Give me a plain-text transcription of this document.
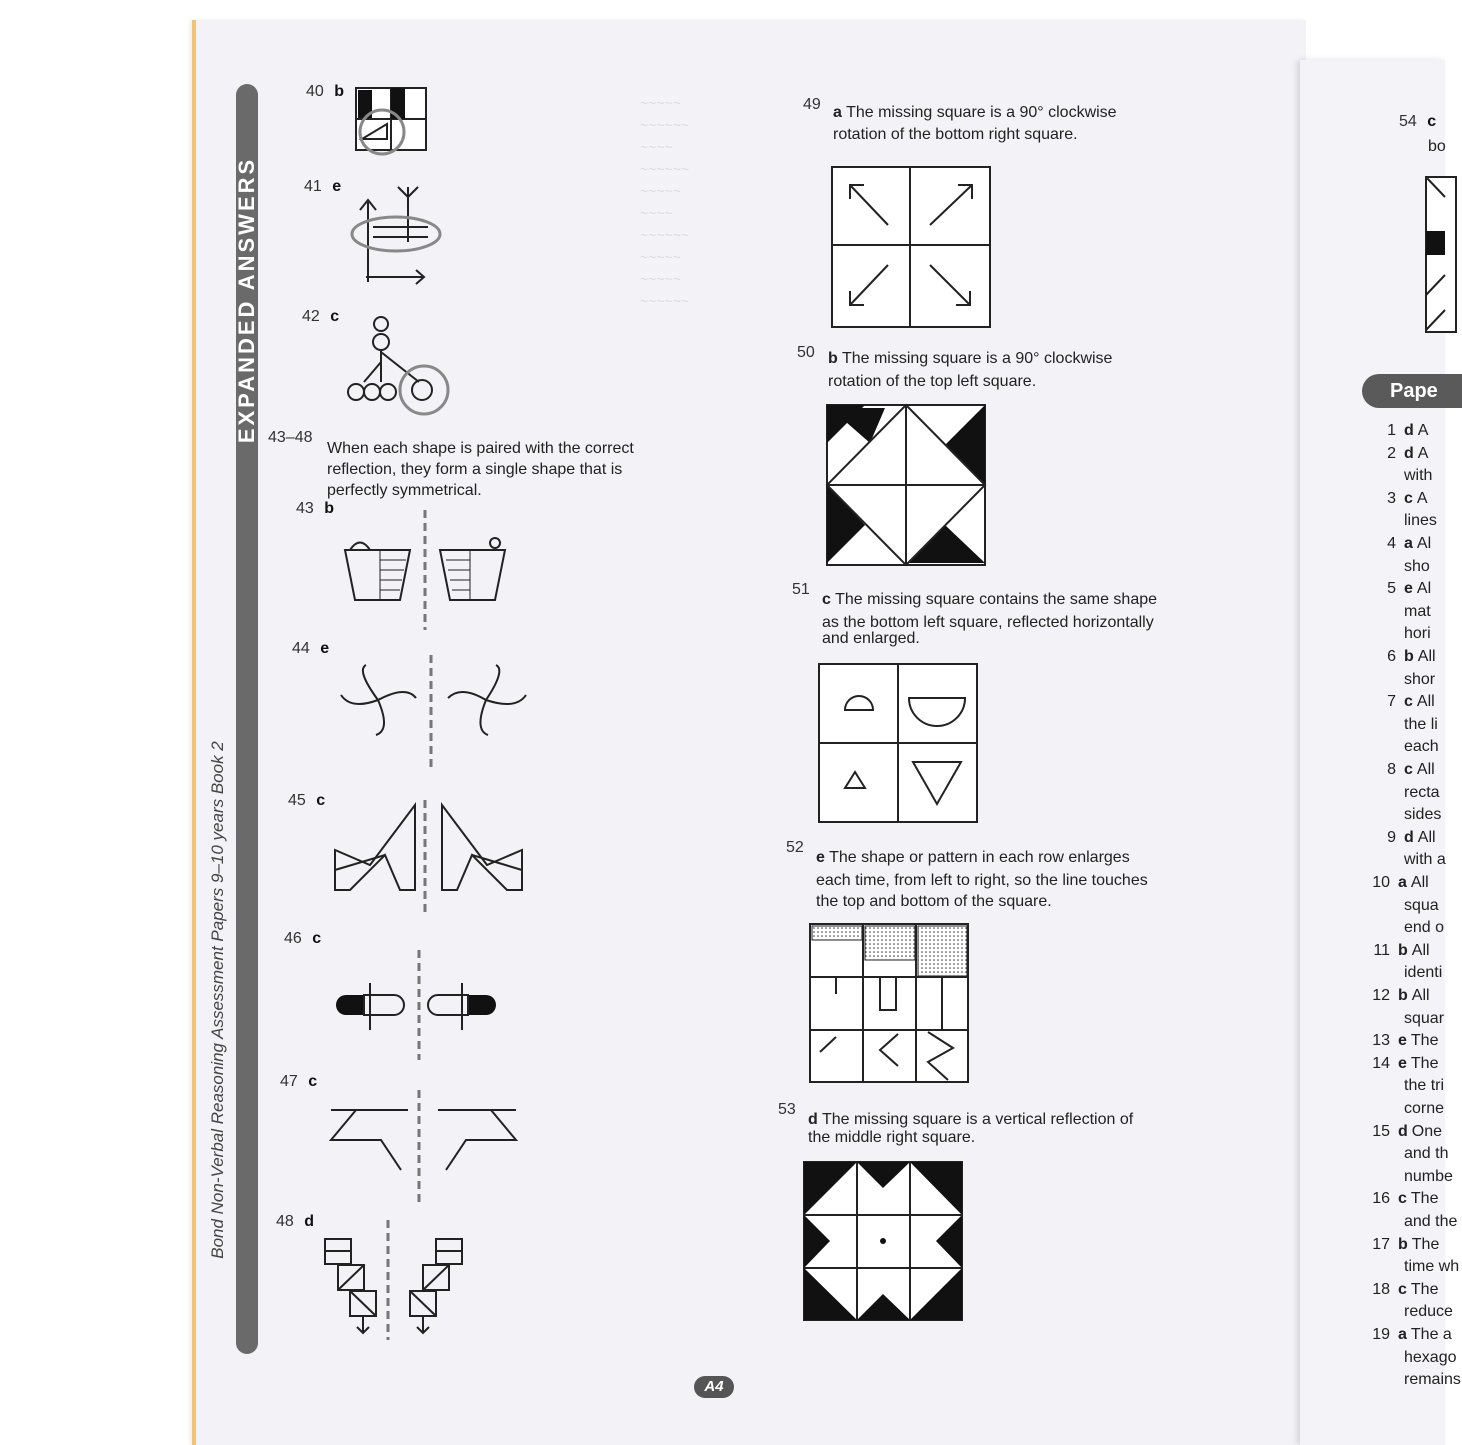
~~~~~
~~~~~~
~~~~
~~~~~~
~~~~~
~~~~
~~~~~~
~~~~~
~~~~~
~~~~~~
EXPANDED ANSWERS
Bond Non-Verbal Reasoning Assessment Papers 9–10 years Book 2
40 b
41 e
42 c
43–48
When each shape is paired with the correct
reflection, they form a single shape that is
perfectly symmetrical.
43 b
44 e
45 c
46 c
47 c
48 d
49 a The missing square is a 90° clockwise
rotation of the bottom right square.
50 b The missing square is a 90° clockwise
rotation of the top left square.
51
c The missing square contains the same shape
as the bottom left square, reflected horizontally
and enlarged.
52
e The shape or pattern in each row enlarges
each time, from left to right, so the line touches
the top and bottom of the square.
53
d The missing square is a vertical reflection of
the middle right square.
A4
54 c
bo
Pape
1 d A
2 d A
with
3 c A
lines
4 a Al
sho
5 e Al
mat
hori
6 b All
shor
7 c All
the li
each
8 c All
recta
sides
9 d All
with a
10 a All
squa
end o
11 b All
identi
12 b All
squar
13 e The
14 e The
the tri
corne
15 d One
and th
numbe
16 c The
and the
17 b The
time wh
18 c The
reduce
19 a The a
hexago
remains
